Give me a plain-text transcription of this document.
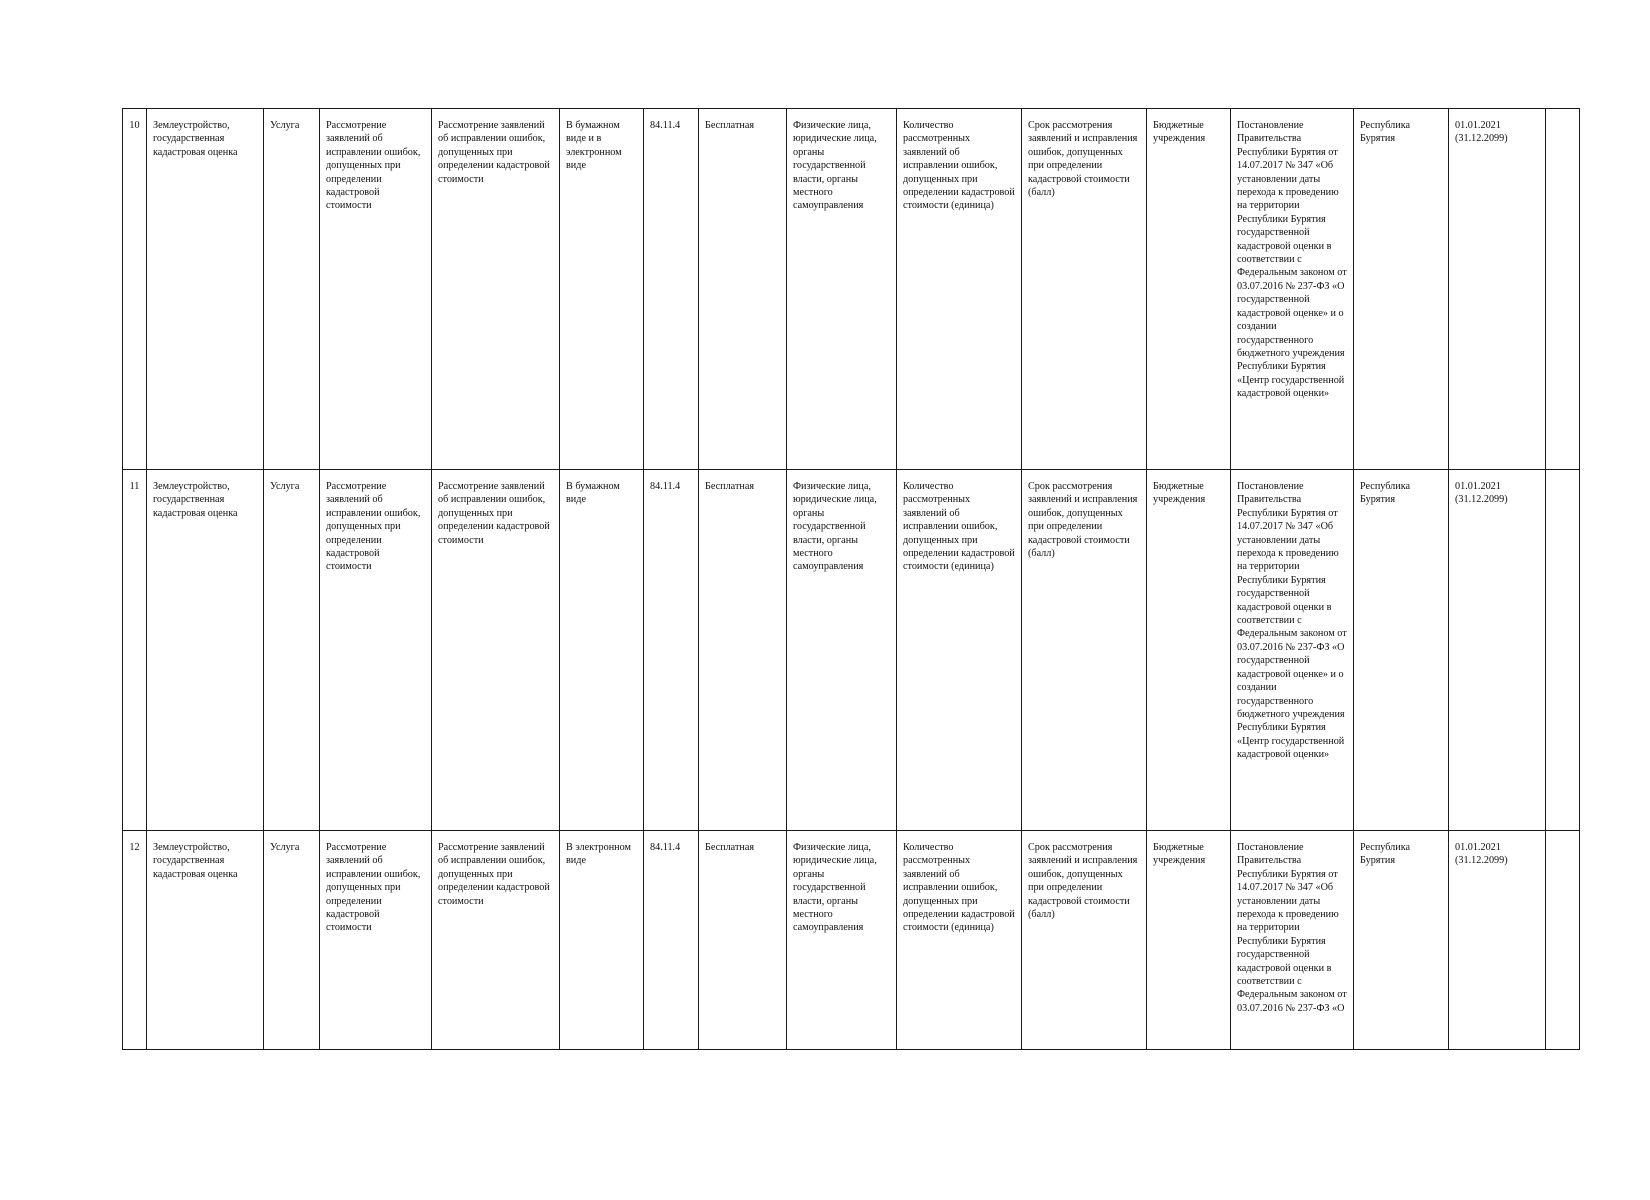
10	Землеустройство, государственная кадастровая оценка	Услуга	Рассмотрение заявлений об исправлении ошибок, допущенных при определении кадастровой стоимости	Рассмотрение заявлений об исправлении ошибок, допущенных при определении кадастровой стоимости	В бумажном виде и в электронном виде	84.11.4	Бесплатная	Физические лица, юридические лица, органы государственной власти, органы местного самоуправления	Количество рассмотренных заявлений об исправлении ошибок, допущенных при определении кадастровой стоимости (единица)	Срок рассмотрения заявлений и исправления ошибок, допущенных при определении кадастровой стоимости (балл)	Бюджетные учреждения	Постановление Правительства Республики Бурятия от 14.07.2017 № 347 «Об установлении даты перехода к проведению на территории Республики Бурятия государственной кадастровой оценки в соответствии с Федеральным законом от 03.07.2016 № 237-ФЗ «О государственной кадастровой оценке» и о создании государственного бюджетного учреждения Республики Бурятия «Центр государственной кадастровой оценки»	Республика Бурятия	01.01.2021 (31.12.2099)	
11	Землеустройство, государственная кадастровая оценка	Услуга	Рассмотрение заявлений об исправлении ошибок, допущенных при определении кадастровой стоимости	Рассмотрение заявлений об исправлении ошибок, допущенных при определении кадастровой стоимости	В бумажном виде	84.11.4	Бесплатная	Физические лица, юридические лица, органы государственной власти, органы местного самоуправления	Количество рассмотренных заявлений об исправлении ошибок, допущенных при определении кадастровой стоимости (единица)	Срок рассмотрения заявлений и исправления ошибок, допущенных при определении кадастровой стоимости (балл)	Бюджетные учреждения	Постановление Правительства Республики Бурятия от 14.07.2017 № 347 «Об установлении даты перехода к проведению на территории Республики Бурятия государственной кадастровой оценки в соответствии с Федеральным законом от 03.07.2016 № 237-ФЗ «О государственной кадастровой оценке» и о создании государственного бюджетного учреждения Республики Бурятия «Центр государственной кадастровой оценки»	Республика Бурятия	01.01.2021 (31.12.2099)	
12	Землеустройство, государственная кадастровая оценка	Услуга	Рассмотрение заявлений об исправлении ошибок, допущенных при определении кадастровой стоимости	Рассмотрение заявлений об исправлении ошибок, допущенных при определении кадастровой стоимости	В электронном виде	84.11.4	Бесплатная	Физические лица, юридические лица, органы государственной власти, органы местного самоуправления	Количество рассмотренных заявлений об исправлении ошибок, допущенных при определении кадастровой стоимости (единица)	Срок рассмотрения заявлений и исправления ошибок, допущенных при определении кадастровой стоимости (балл)	Бюджетные учреждения	Постановление Правительства Республики Бурятия от 14.07.2017 № 347 «Об установлении даты перехода к проведению на территории Республики Бурятия государственной кадастровой оценки в соответствии с Федеральным законом от 03.07.2016 № 237-ФЗ «О	Республика Бурятия	01.01.2021 (31.12.2099)	
